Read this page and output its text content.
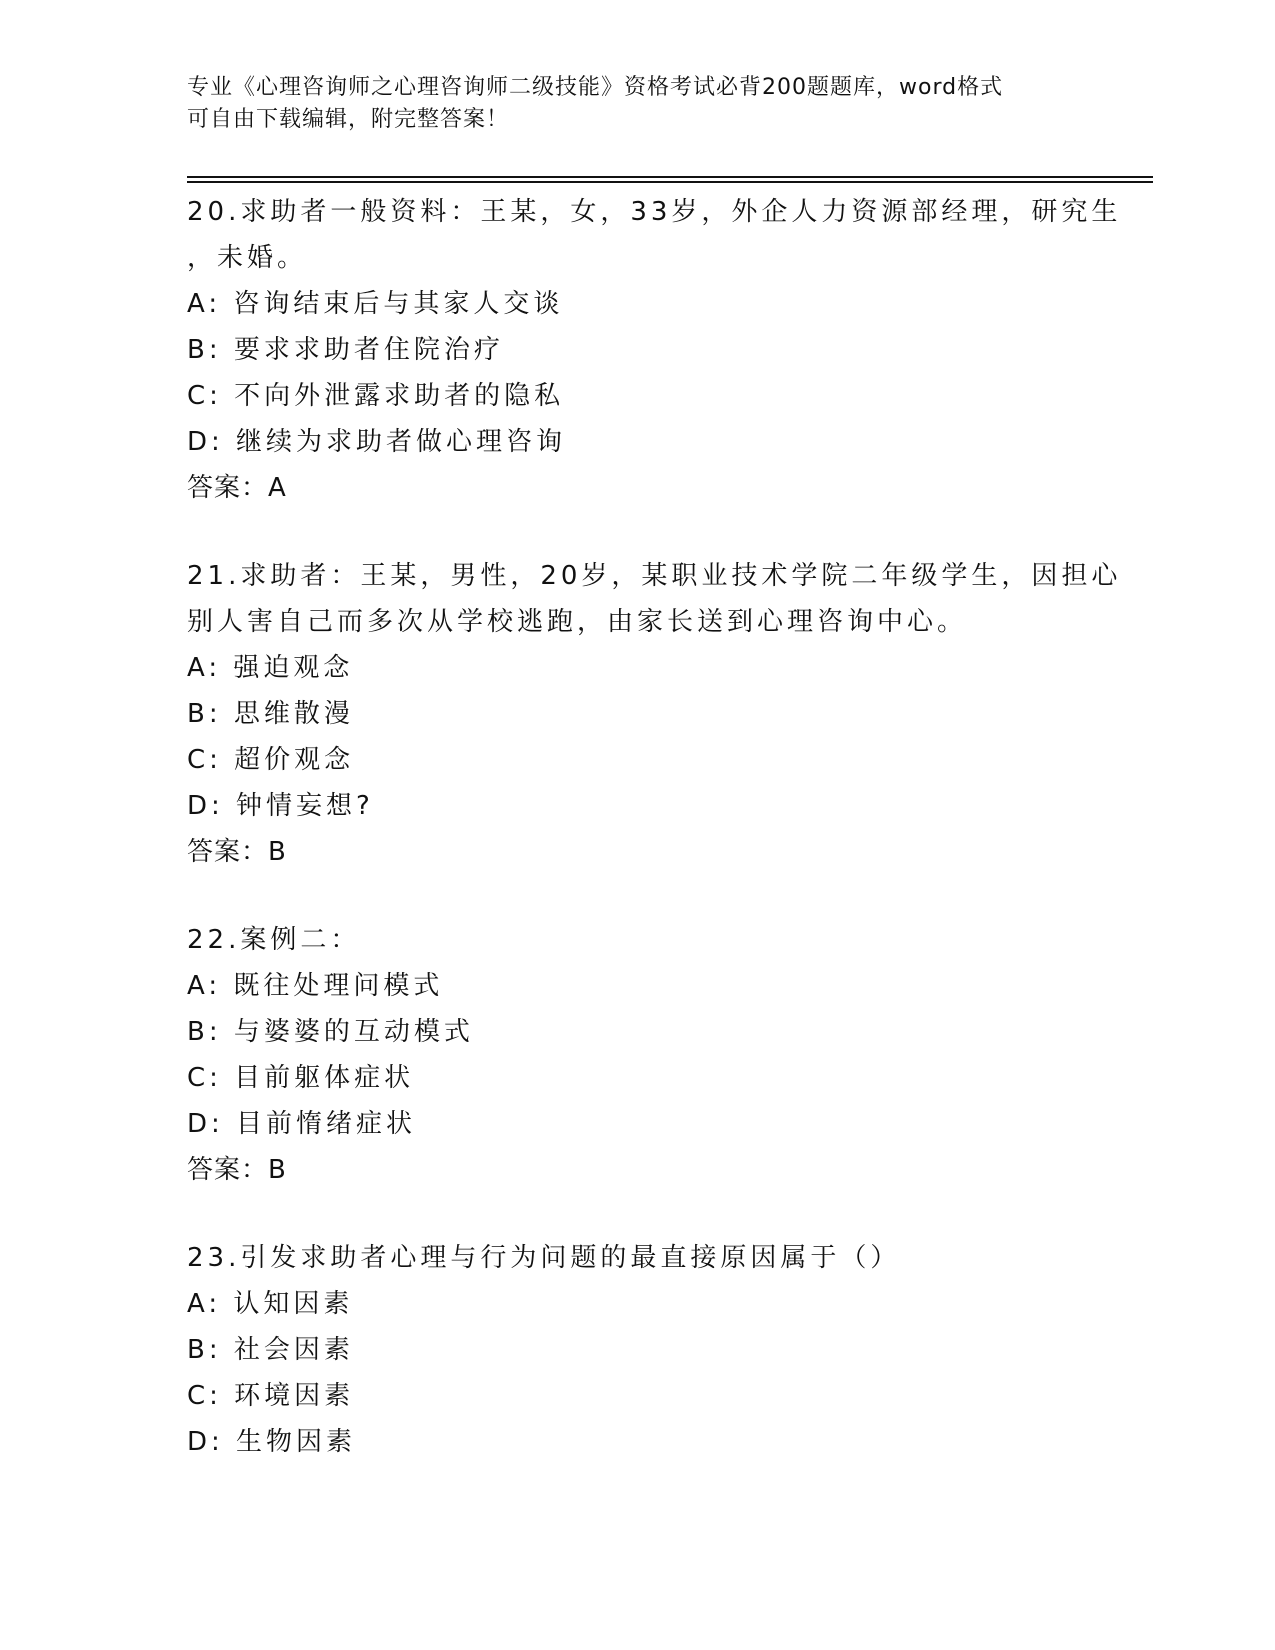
专业《心理咨询师之心理咨询师二级技能》资格考试必背200题题库，word格式
可自由下载编辑，附完整答案！
20.求助者一般资料：王某，女，33岁，外企人力资源部经理，研究生
，未婚。
A: 咨询结束后与其家人交谈
B: 要求求助者住院治疗
C: 不向外泄露求助者的隐私
D: 继续为求助者做心理咨询
答案：A
21.求助者：王某，男性，20岁，某职业技术学院二年级学生，因担心
别人害自己而多次从学校逃跑，由家长送到心理咨询中心。
A: 强迫观念
B: 思维散漫
C: 超价观念
D: 钟情妄想?
答案：B
22.案例二：
A: 既往处理问模式
B: 与婆婆的互动模式
C: 目前躯体症状
D: 目前惰绪症状
答案：B
23.引发求助者心理与行为问题的最直接原因属于（）
A: 认知因素
B: 社会因素
C: 环境因素
D: 生物因素
